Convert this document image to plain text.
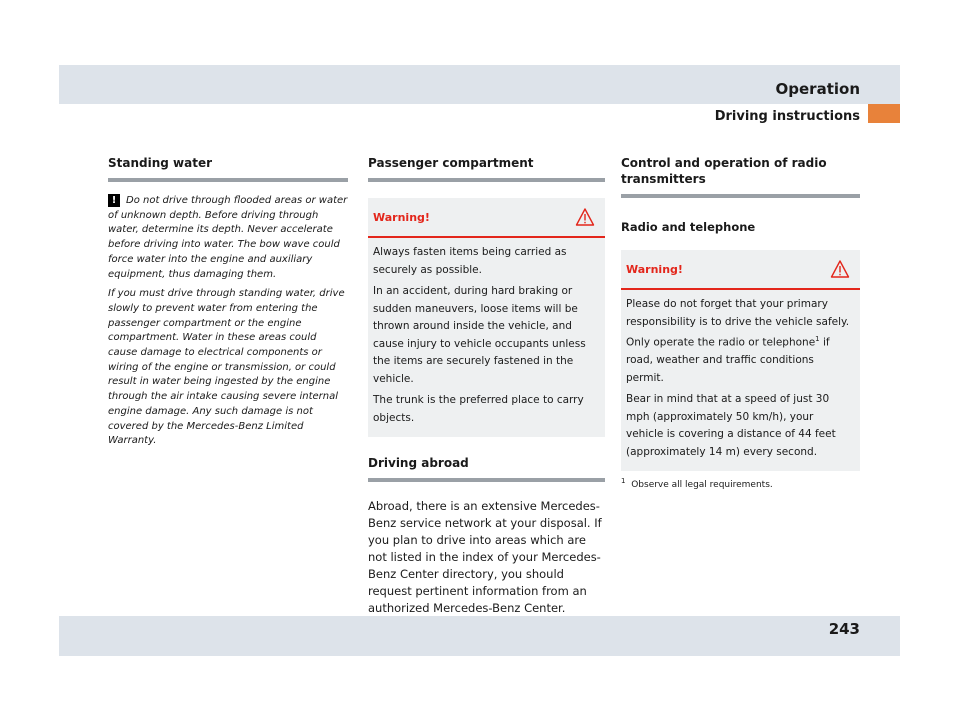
Operation
Driving instructions
Standing water

! Do not drive through flooded areas or water of unknown depth. Before driving through water, determine its depth. Never accelerate before driving into water. The bow wave could force water into the engine and auxiliary equipment, thus damaging them.

If you must drive through standing water, drive slowly to prevent water from entering the passenger compartment or the engine compartment. Water in these areas could cause damage to electrical components or wiring of the engine or transmission, or could result in water being ingested by the engine through the air intake causing severe internal engine damage. Any such damage is not covered by the Mercedes-Benz Limited Warranty.

Passenger compartment
Warning!

Always fasten items being carried as securely as possible.

In an accident, during hard braking or sudden maneuvers, loose items will be thrown around inside the vehicle, and cause injury to vehicle occupants unless the items are securely fastened in the vehicle.

The trunk is the preferred place to carry objects.

Driving abroad
Abroad, there is an extensive Mercedes-Benz service network at your disposal. If you plan to drive into areas which are not listed in the index of your Mercedes-Benz Center directory, you should request pertinent information from an authorized Mercedes-Benz Center.
Control and operation of radio transmitters
Radio and telephone
Warning!

Please do not forget that your primary responsibility is to drive the vehicle safely. Only operate the radio or telephone$^1$ if road, weather and traffic conditions permit.

Bear in mind that at a speed of just 30 mph (approximately 50 km/h), your vehicle is covering a distance of 44 feet (approximately 14 m) every second.

$^1$ Observe all legal requirements.
243
